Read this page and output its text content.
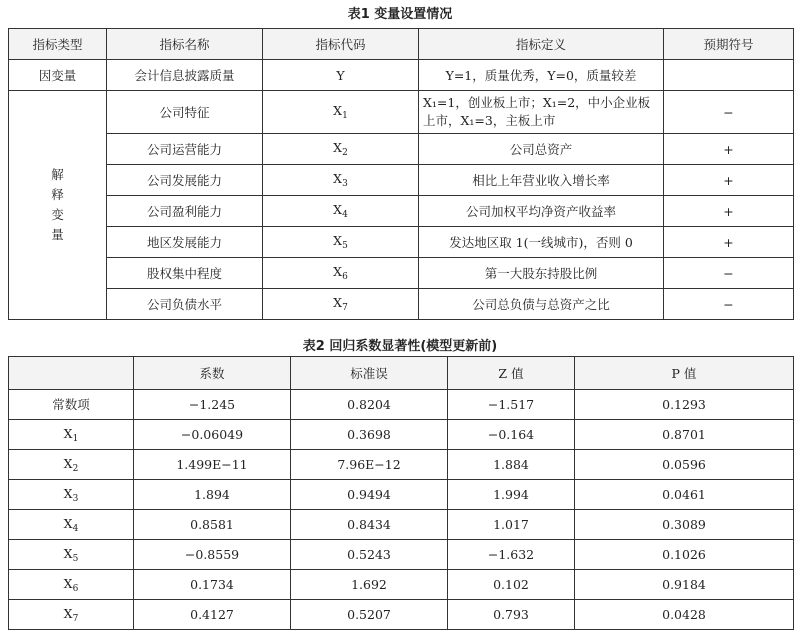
表1 变量设置情况
指标类型	指标名称	指标代码	指标定义	预期符号
因变量	会计信息披露质量	Y	Y=1，质量优秀，Y=0，质量较差	

解
释
变
量	公司特征	$X_1$	X₁=1，创业板上市；X₁=2，中小企业板上市，X₁=3，主板上市	−
	公司运营能力	$X_2$	公司总资产	+
	公司发展能力	$X_3$	相比上年营业收入增长率	+
	公司盈利能力	$X_4$	公司加权平均净资产收益率	+
	地区发展能力	$X_5$	发达地区取 1(一线城市)，否则 0	+
	股权集中程度	$X_6$	第一大股东持股比例	−
	公司负债水平	$X_7$	公司总负债与总资产之比	−
表2 回归系数显著性(模型更新前)
	系数	标准误	Z 值	P 值
常数项	−1.245	0.8204	−1.517	0.1293
$X_1$	−0.06049	0.3698	−0.164	0.8701
$X_2$	1.499E−11	7.96E−12	1.884	0.0596
$X_3$	1.894	0.9494	1.994	0.0461
$X_4$	0.8581	0.8434	1.017	0.3089
$X_5$	−0.8559	0.5243	−1.632	0.1026
$X_6$	0.1734	1.692	0.102	0.9184
$X_7$	0.4127	0.5207	0.793	0.0428
